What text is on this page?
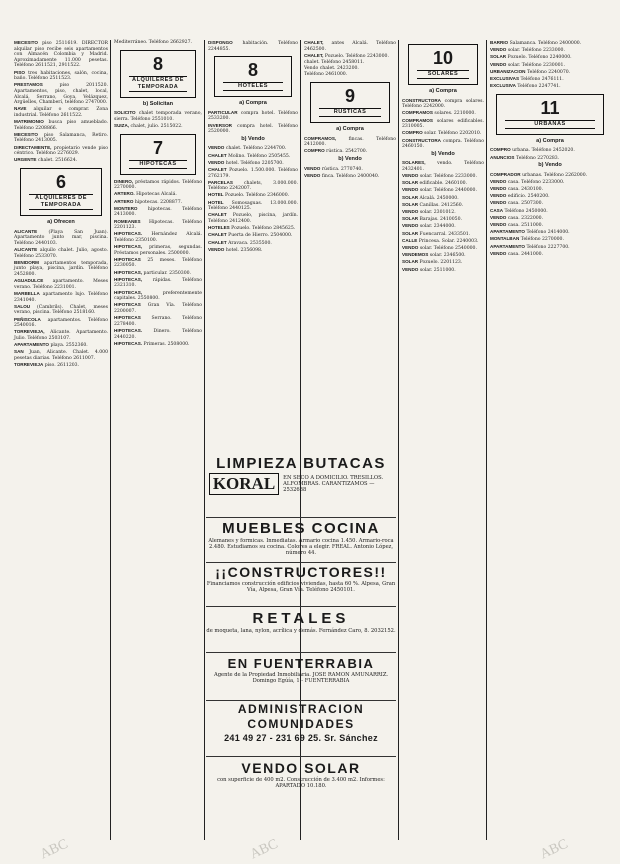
MECESITO piso 2511619. DIRECTOR alquilar piso recibe seis apartamentos con Almacén Colombia y Madrid. Aproximadamente 11.000 pesetas. Teléfono 2611521, 2911522.

PISO tres habitaciones, salón, cocina, baño. Teléfono 2511523.

PRESTAMOS	piso 2011520. Apartamentos, piso, chalet, local, Alcalá, Serrano, Goya, Velázquez, Argüelles, Chamberí, teléfono 2747000.

NAVE alquilar o comprar. Zona industrial. Teléfono 2611522.

MATRIMONIO busca piso amueblado. Teléfono 2208866.

MECESITO piso Salamanca, Retiro. Teléfono 2413005.

DIRECTAMENTE, propietario vende piso céntrico. Teléfono 2276029.

URGENTE chalet. 2516624.

6
ALQUILERES DE TEMPORADA
a) Ofrecen

ALICANTE (Playa San Juan). Apartamento junto mar, piscina. Teléfono 2440103.

ALICANTE alquilo chalet. Julio, agosto. Teléfono 2533070.

BENIDORM apartamentos temporada, junto playa, piscina, jardín. Teléfono 2452800.

AGUADULCE apartamento. Meses verano. Teléfono 2231001.

MARBELLA apartamento lujo. Teléfono 2341040.

SALOU (Cambrils). Chalet, meses verano, piscina. Teléfono 2518160.

PEÑISCOLA apartamentos. Teléfono 2540016.

TORREVIEJA, Alicante. Apartamento. Julio. Teléfono 2503107.

APARTAMENTO playa. 2552360.

SAN Juan, Alicante. Chalet. 4.000 pesetas diarias. Teléfono 2611007.

TORREVIEJA piso. 2611203.

Mediterráneo. Teléfono 2662927.

8
ALQUILERES DE TEMPORADA
b) Solicitan

SOLICITO chalet temporada verano, sierra. Teléfono 2551010.

SUIZA, chalet, julio. 2515022.

7
HIPOTECAS

DINERO, préstamos rápidos. Teléfono 2270000.

ARTERO. Hipotecas Alcalá.

ARTERO hipotecas. 2208877.

MONTERO hipotecas. Teléfono 2413000.

ROMEANES Hipotecas. Teléfono 2201123.

HIPOTECAS. Hernández Alcalá. Teléfono 2350100.

HIPOTECAS, primeras, segundas. Préstamos personales. 2500000.

HIPOTECAS 25 meses. Teléfono 2230050.

HIPOTECAS, particular. 2350300.

HIPOTECAS, rápidas. Teléfono 2321310.

HIPOTECAS,	preferentemente capitales. 2550800.

HIPOTECAS Gran Vía. Teléfono 2200007.

HIPOTECAS Serrano. Teléfono 2278400.

HIPOTECAS. Dinero. Teléfono 2440220.

HIPOTECAS. Primeras. 2508000.

DISPONGO habitación. Teléfono 2244855.

8
HOTELES
a) Compra

PARTICULAR compra hotel. Teléfono 2533200.

INVERSOR compra hotel. Teléfono 2520000.

b) Vendo

VENDO chalet. Teléfono 2244700.

CHALET Molino. Teléfono 2505455.

VENDO hotel. Teléfono 2205700.

CHALET Pozuelo. 1.500.000. Teléfono 2762179.

PARCELAS chalets, 3.000.000. Teléfono 2242007.

HOTEL Pozuelo. Teléfono 2346000.

HOTEL Somosaguas. 13.000.000. Teléfono 2440125.

CHALET Pozuelo, piscina, jardín. Teléfono 2412400.

HOTELES Pozuelo. Teléfono 2845625.

CHALET Puerta de Hierro. 2504000.

CHALET Aravaca. 2535500.

VENDO hotel. 2356098.

CHALET, antes Alcalá. Teléfono 2462500.

CHALET, Pozuelo. Teléfono 2243000.

chalet. Teléfono 2458011.

Vendo chalet. 2423200.

Teléfono 2461000.

9
RUSTICAS
a) Compra

COMPRAMOS,	fincas. Teléfono 2412000.

COMPRO rústica. 2542700.

b) Vendo

VENDO rústica. 2770740.

VENDO finca. Teléfono 2400040.

10
SOLARES
a) Compra

CONSTRUCTORA compra solares. Teléfono 2242000.

COMPRAMOS solares. 2210000.

COMPRAMOS solares edificables. 2310005.

COMPRO solar. Teléfono 2202010.

CONSTRUCTORA compra. Teléfono 2460150.

b) Vendo

SOLARES,	vendo. Teléfono 2432401.

VENDO solar. Teléfono 2233000.

SOLAR edificable. 2460100.

VENDO solar. Teléfono 2440000.

SOLAR Alcalá. 2450000.

SOLAR Canillas. 2412560.

VENDO solar. 2301012.

SOLAR Barajas. 2410050.

VENDO solar. 2344000.

SOLAR Fuencarral. 2433501.

CALLE Princesa. Solar. 2240003.

VENDO solar. Teléfono 2540000.

VENDEMOS solar. 2346500.

SOLAR Pozuelo. 2201123.

VENDO solar. 2511000.

BARRIO Salamanca. Teléfono 2400000.

VENDO solar. Teléfono 2233000.

SOLAR Pozuelo. Teléfono 2240000.

VENDO solar. Teléfono 2230001.

URBANIZACION Teléfono 2240070.

EXCLUSIVAS Teléfono 2476111.

EXCLUSIVA Teléfono 2247741.

11
URBANAS
a) Compra

COMPRO urbana. Teléfono 2452020.

ANUNCIOS Teléfono 2270283.

b) Vendo

COMPRADOR urbanas. Teléfono 2262000.

VENDO casa. Teléfono 2233000.

VENDO casa. 2430100.

VENDO edificio. 2540200.

VENDO casa. 2507300.

CASA Teléfono 2450000.

VENDO casa. 2322000.

VENDO casa. 2511000.

APARTAMENTO Teléfono 2414000.

MONTALBAN Teléfono 2270000.

APARTAMENTO Teléfono 2227700.

VENDO casa. 2441000.

LIMPIEZA BUTACAS
KORAL	EN SECO A DOMICILIO. TRESILLOS. ALFOMBRAS. CARANTIZAMOS — 2532688
MUEBLES COCINA
Alemanes y formicas. Inmediatas. Armario cocina 1.450. Armario-roca 2.480. Estudiamos su cocina. Colores a elegir. FREAL. Antonio López, número 44.
¡¡CONSTRUCTORES!!
Financiamos construcción edificios viviendas, hasta 60 %. Alpesa, Gran Vía, Alpesa, Gran Vía. Teléfono 2450101.
RETALES
de moqueta, lana, nylon, acrílica y demás. Fernández Caro, 8. 2032152.
EN FUENTERRABIA
Agente de la Propiedad Inmobiliaria. JOSE RAMON AMUNARRIZ. Domingo Egúía, 1 - FUENTERRABIA
ADMINISTRACION COMUNIDADES
241 49 27 - 231 69 25. Sr. Sánchez
VENDO SOLAR
con superficie de 400 m2. Construcción de 3.400 m2. Informes: APARTADO 10.180.
ABC	ABC	ABC
